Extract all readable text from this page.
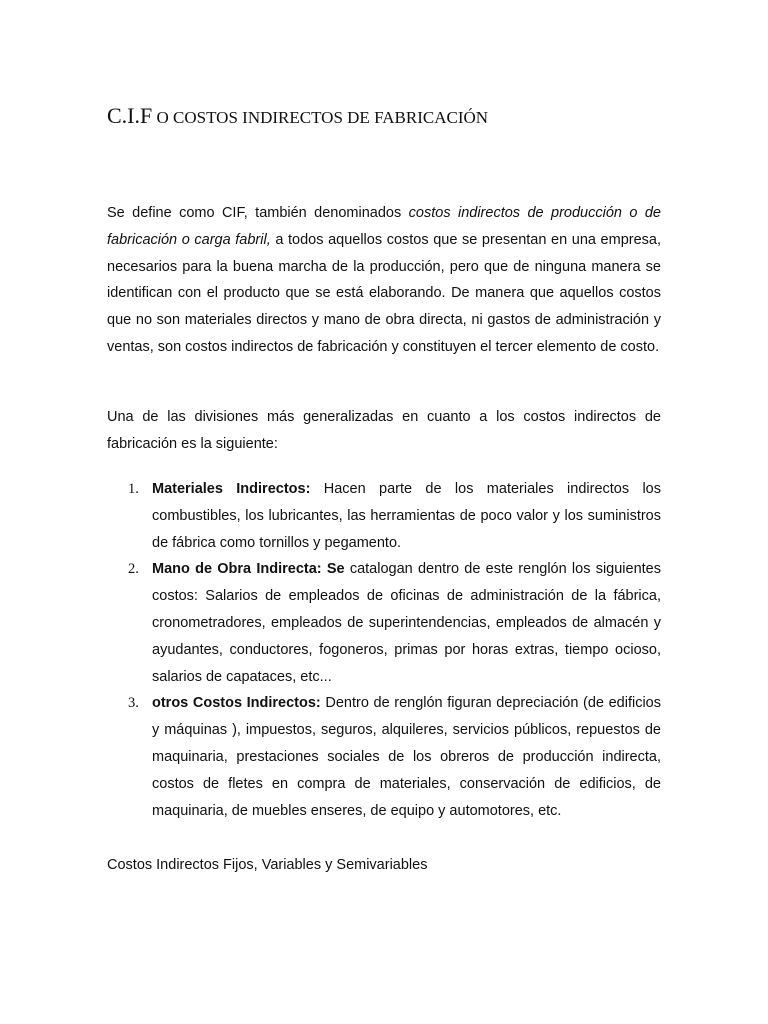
C.I.F O COSTOS INDIRECTOS DE FABRICACIÓN

Se define como CIF, también denominados costos indirectos de producción o de fabricación o carga fabril, a todos aquellos costos que se presentan en una empresa, necesarios para la buena marcha de la producción, pero que de ninguna manera se identifican con el producto que se está elaborando. De manera que aquellos costos que no son materiales directos y mano de obra directa, ni gastos de administración y ventas, son costos indirectos de fabricación y constituyen el tercer elemento de costo.

Una de las divisiones más generalizadas en cuanto a los costos indirectos de fabricación es la siguiente:

1. Materiales Indirectos: Hacen parte de los materiales indirectos los combustibles, los lubricantes, las herramientas de poco valor y los suministros de fábrica como tornillos y pegamento.
2. Mano de Obra Indirecta: Se catalogan dentro de este renglón los siguientes costos: Salarios de empleados de oficinas de administración de la fábrica, cronometradores, empleados de superintendencias, empleados de almacén y ayudantes, conductores, fogoneros, primas por horas extras, tiempo ocioso, salarios de capataces, etc...
3. otros Costos Indirectos: Dentro de renglón figuran depreciación (de edificios y máquinas ), impuestos, seguros, alquileres, servicios públicos, repuestos de maquinaria, prestaciones sociales de los obreros de producción indirecta, costos de fletes en compra de materiales, conservación de edificios, de maquinaria, de muebles enseres, de equipo y automotores, etc.

Costos Indirectos Fijos, Variables y Semivariables
